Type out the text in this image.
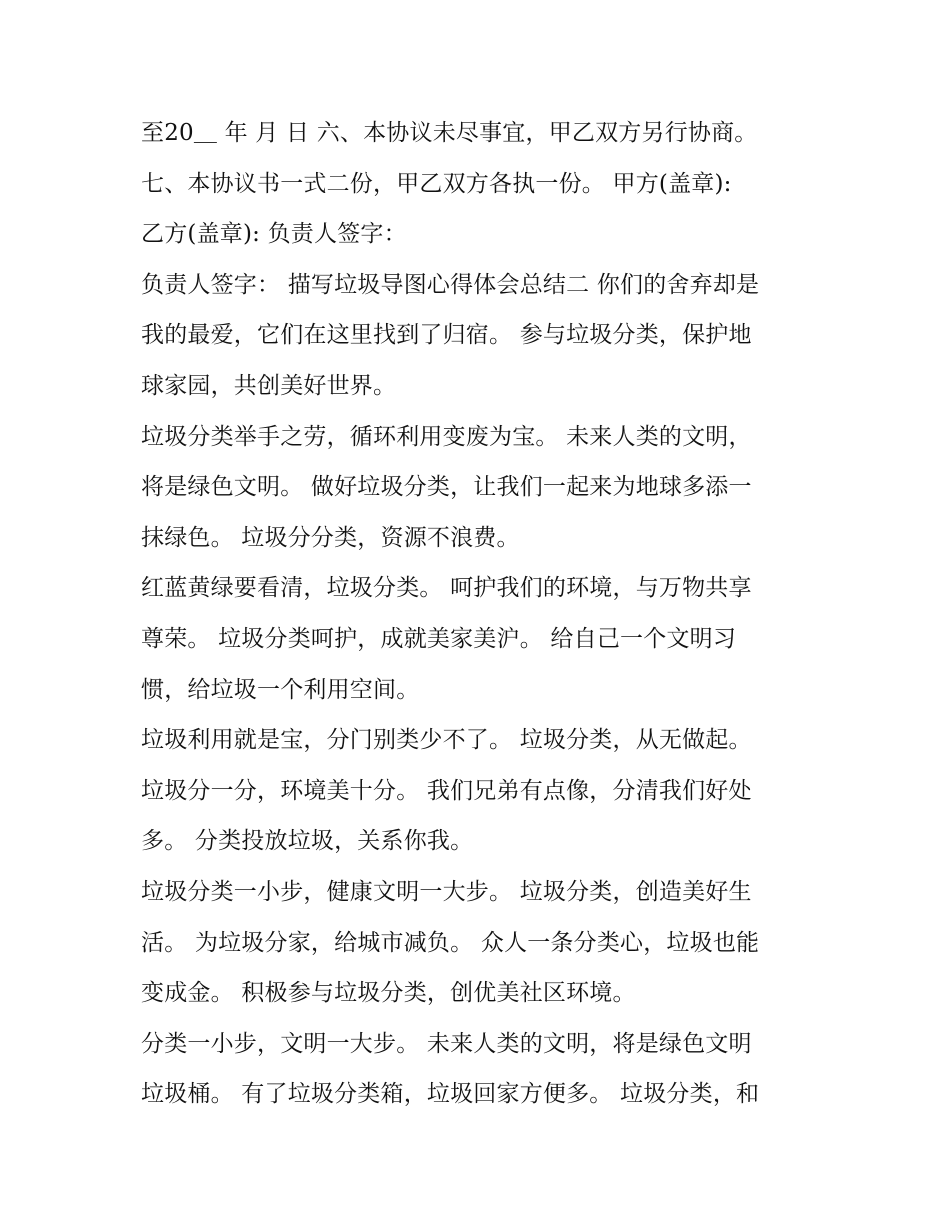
至20＿ 年 月 日 六、本协议未尽事宜，甲乙双方另行协商。
七、本协议书一式二份，甲乙双方各执一份。 甲方(盖章):
乙方(盖章): 负责人签字：
负责人签字： 描写垃圾导图心得体会总结二 你们的舍弃却是
我的最爱，它们在这里找到了归宿。 参与垃圾分类，保护地
球家园，共创美好世界。
垃圾分类举手之劳，循环利用变废为宝。 未来人类的文明，
将是绿色文明。 做好垃圾分类，让我们一起来为地球多添一
抹绿色。 垃圾分分类，资源不浪费。
红蓝黄绿要看清，垃圾分类。 呵护我们的环境，与万物共享
尊荣。 垃圾分类呵护，成就美家美沪。 给自己一个文明习
惯，给垃圾一个利用空间。
垃圾利用就是宝，分门别类少不了。 垃圾分类，从无做起。
垃圾分一分，环境美十分。 我们兄弟有点像，分清我们好处
多。 分类投放垃圾，关系你我。
垃圾分类一小步，健康文明一大步。 垃圾分类，创造美好生
活。 为垃圾分家，给城市减负。 众人一条分类心，垃圾也能
变成金。 积极参与垃圾分类，创优美社区环境。
分类一小步，文明一大步。 未来人类的文明，将是绿色文明
垃圾桶。 有了垃圾分类箱，垃圾回家方便多。 垃圾分类，和
